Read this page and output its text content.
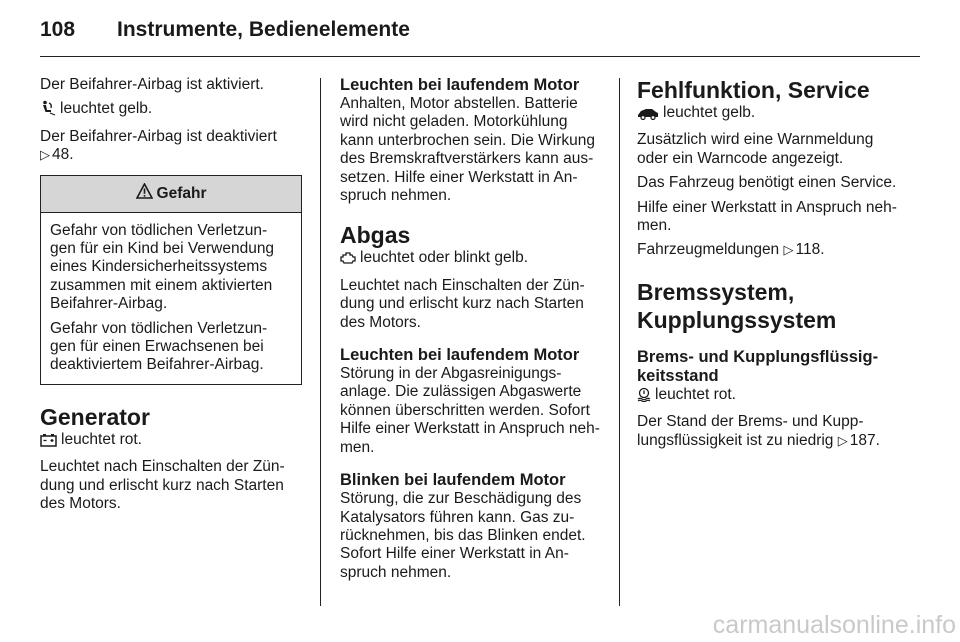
108 Instrumente, Bedienelemente

Der Beifahrer-Airbag ist aktiviert.

leuchtet gelb.

Der Beifahrer-Airbag ist deaktiviert
▷ 48.

Gefahr

Gefahr von tödlichen Verletzun- gen für ein Kind bei Verwendung eines Kindersicherheitssystems zusammen mit einem aktivierten Beifahrer-Airbag.

Gefahr von tödlichen Verletzun- gen für einen Erwachsenen bei deaktiviertem Beifahrer-Airbag.

Generator

leuchtet rot.

Leuchtet nach Einschalten der Zün- dung und erlischt kurz nach Starten des Motors.

Leuchten bei laufendem Motor

Anhalten, Motor abstellen. Batterie wird nicht geladen. Motorkühlung kann unterbrochen sein. Die Wirkung des Bremskraftverstärkers kann aus- setzen. Hilfe einer Werkstatt in An- spruch nehmen.

Abgas

leuchtet oder blinkt gelb.

Leuchtet nach Einschalten der Zün- dung und erlischt kurz nach Starten des Motors.

Leuchten bei laufendem Motor

Störung in der Abgasreinigungs- anlage. Die zulässigen Abgaswerte können überschritten werden. Sofort Hilfe einer Werkstatt in Anspruch neh- men.

Blinken bei laufendem Motor

Störung, die zur Beschädigung des Katalysators führen kann. Gas zu- rücknehmen, bis das Blinken endet. Sofort Hilfe einer Werkstatt in An- spruch nehmen.

Fehlfunktion, Service

leuchtet gelb.

Zusätzlich wird eine Warnmeldung oder ein Warncode angezeigt.

Das Fahrzeug benötigt einen Service.

Hilfe einer Werkstatt in Anspruch neh- men.

Fahrzeugmeldungen ▷ 118.

Bremssystem,
Kupplungssystem
Brems- und Kupplungsflüssig- keitsstand

leuchtet rot.

Der Stand der Brems- und Kupp- lungsflüssigkeit ist zu niedrig ▷ 187.

carmanualsonline.info
